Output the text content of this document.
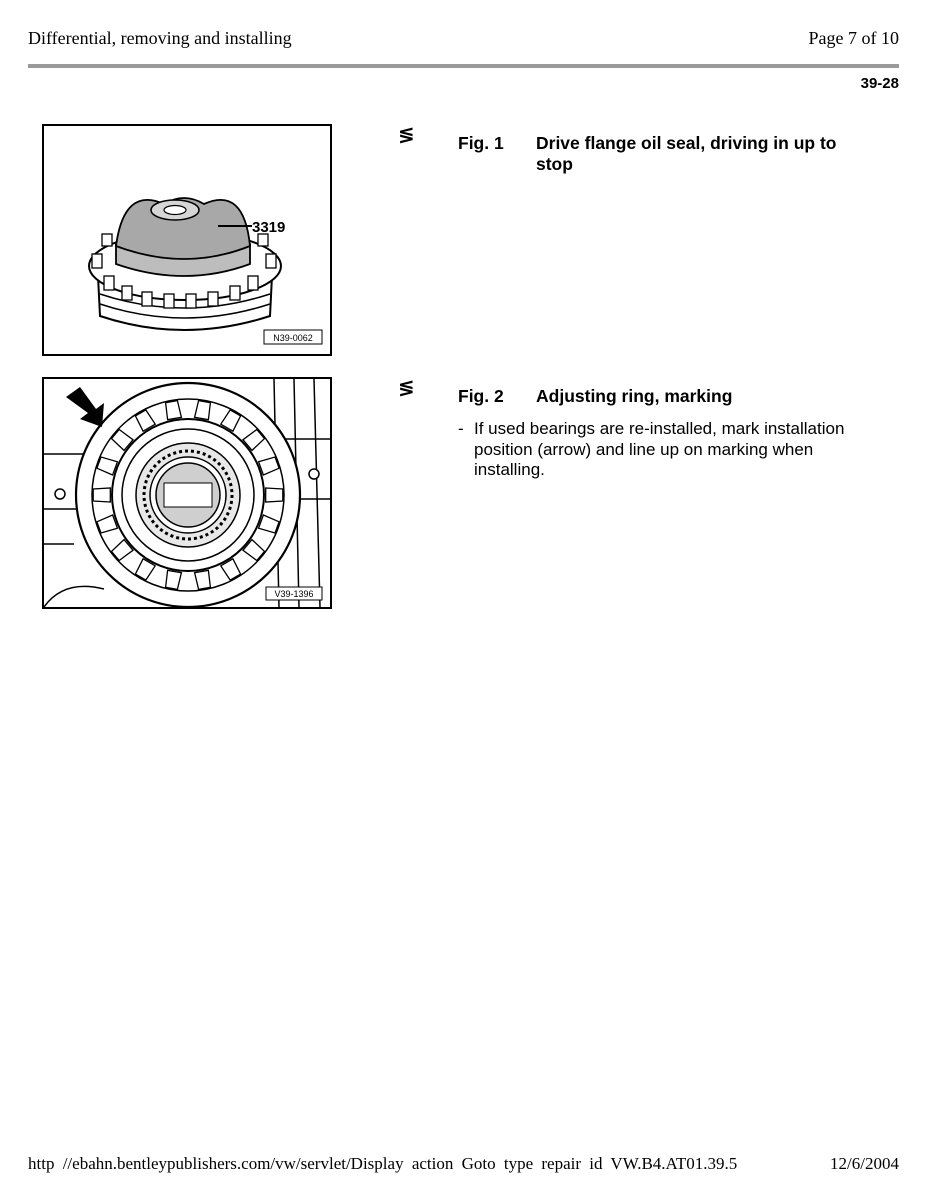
Differential, removing and installing	Page 7 of 10
39-28
3319
N39-0062
≶ Fig. 1 Drive flange oil seal, driving in up to stop
V39-1396
≶ Fig. 2 Adjusting ring, marking
- If used bearings are re-installed, mark installation position (arrow) and line up on marking when installing.
http //ebahn.bentleypublishers.com/vw/servlet/Display action Goto type repair id VW.B4.AT01.39.5	12/6/2004
